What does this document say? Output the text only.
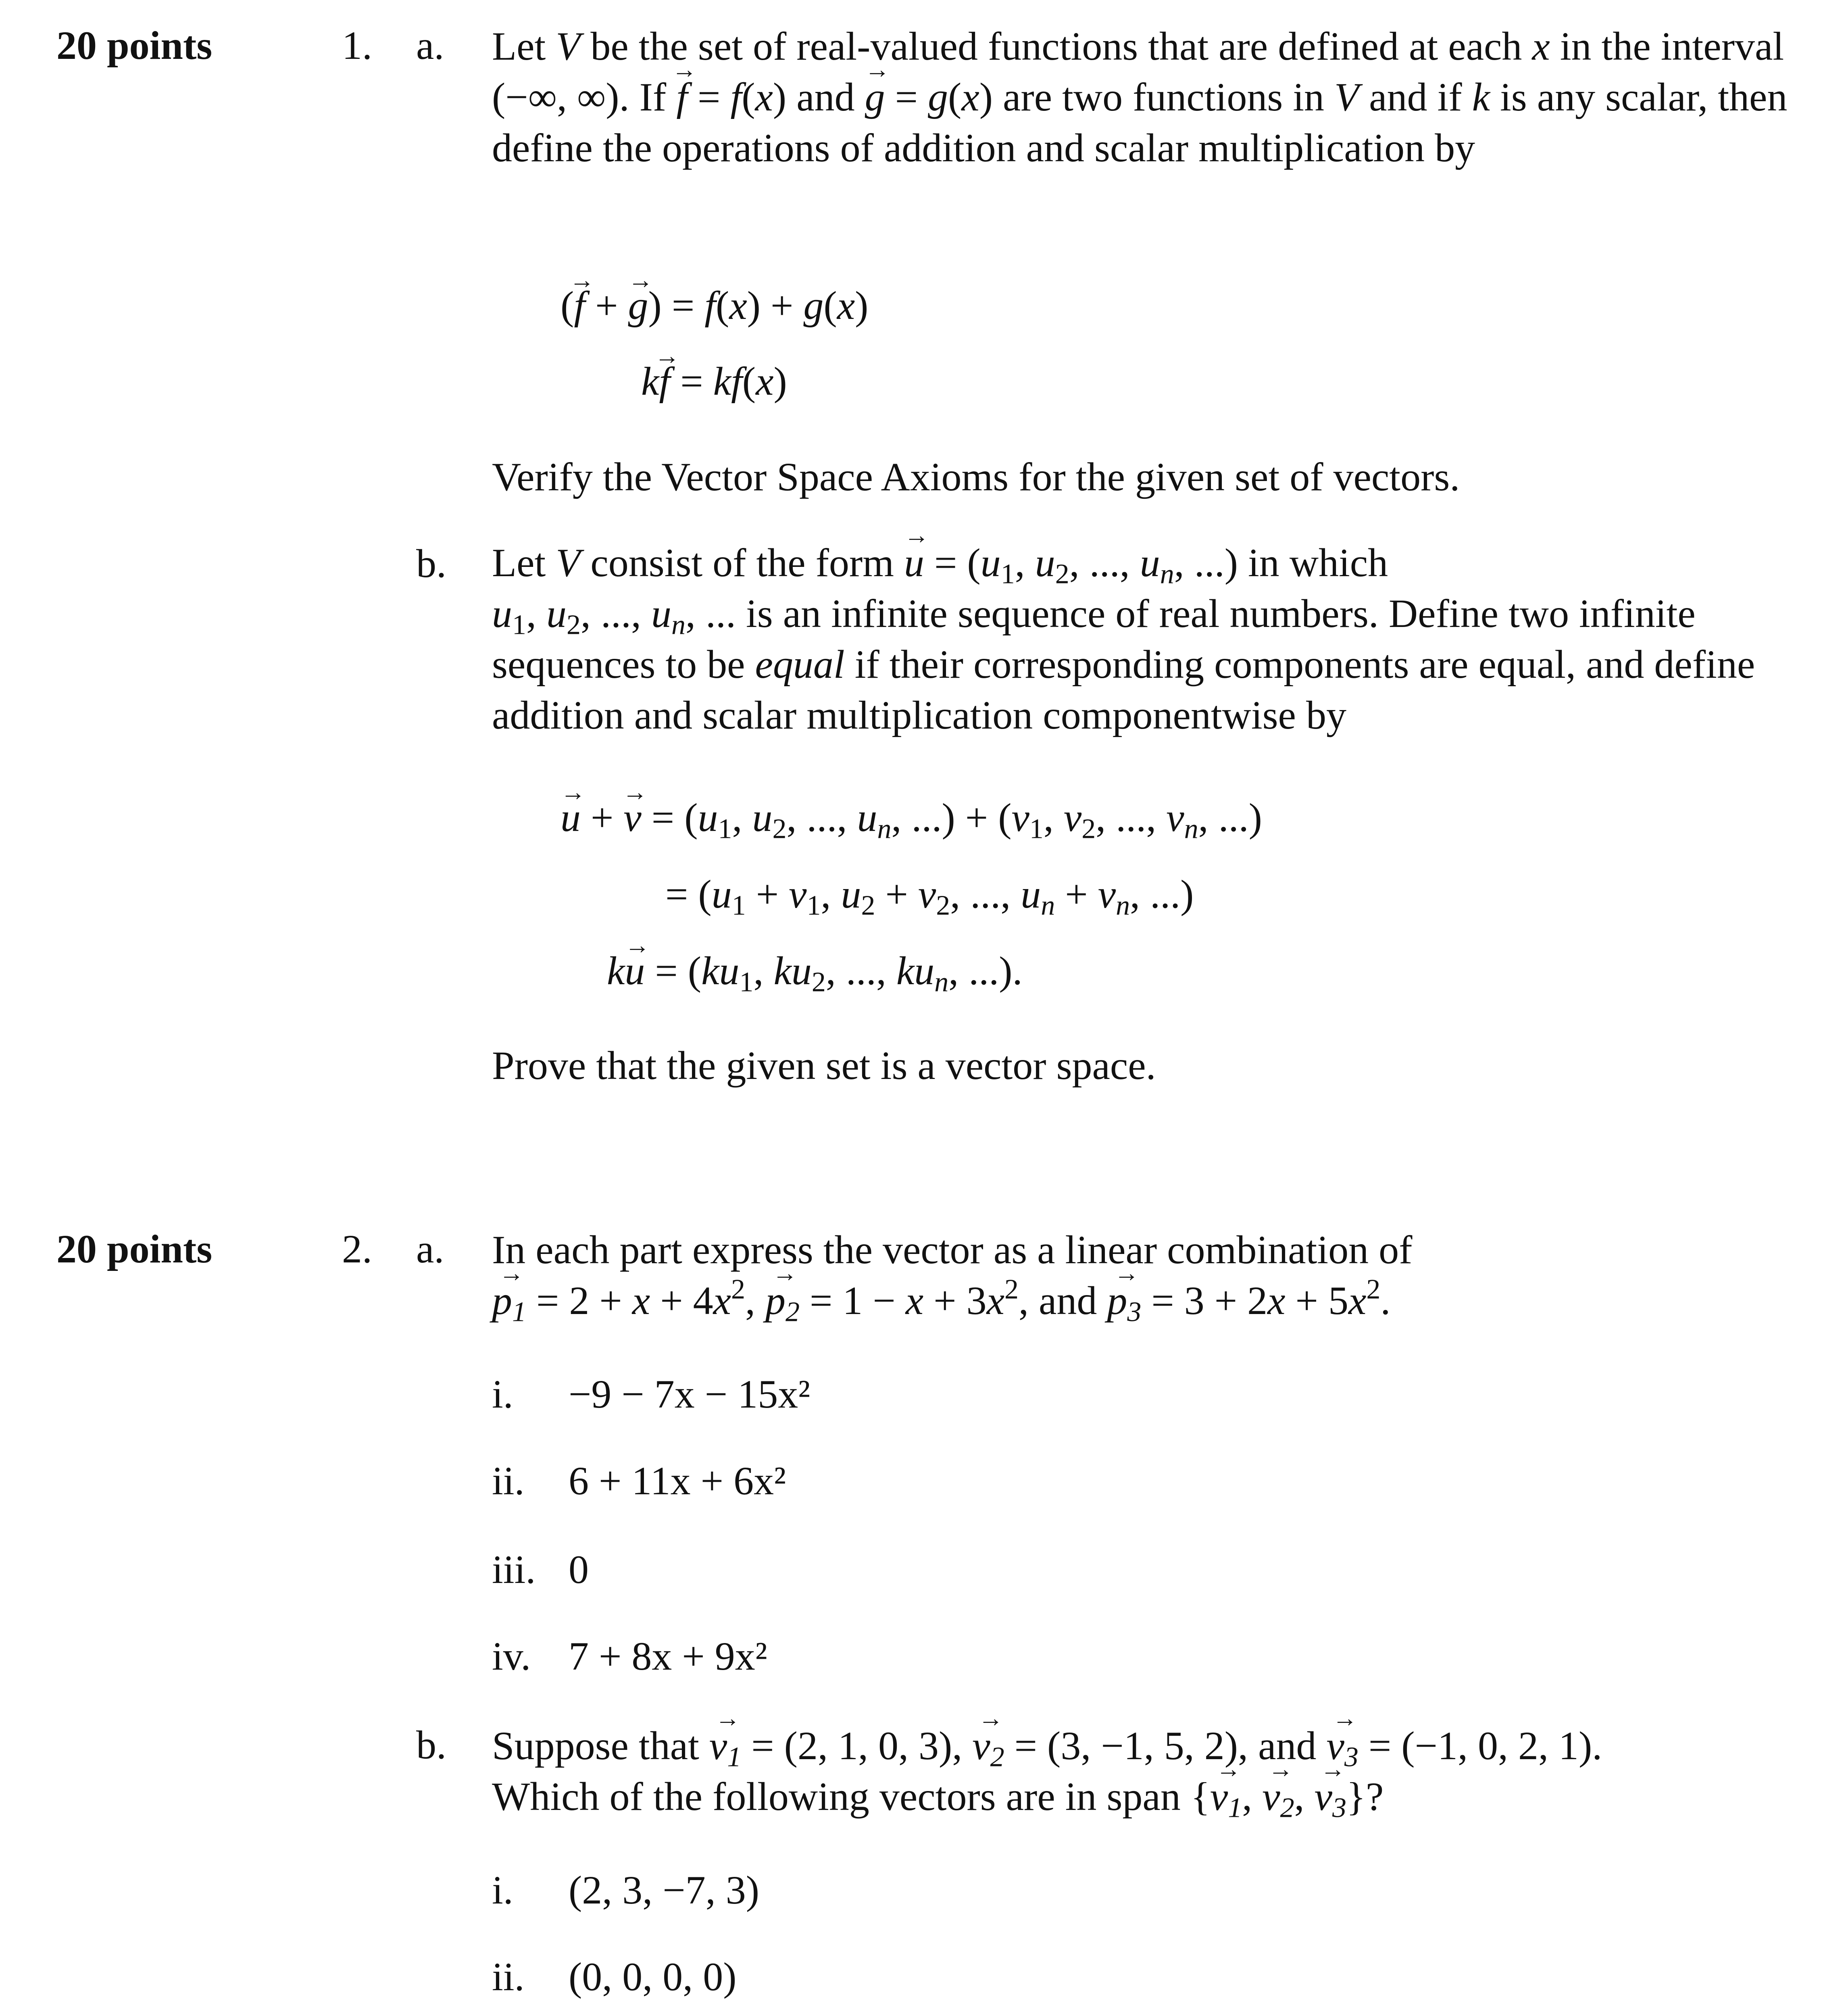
20 points	1. a. Let V be the set of real-valued functions that are defined at each x in the interval (−∞, ∞). If → f = f(x) and → g = g(x) are two functions in V and if k is any scalar, then define the operations of addition and scalar multiplication by
(→ f + → g) = f(x) + g(x)
k→ f = kf(x)
Verify the Vector Space Axioms for the given set of vectors.
b. Let V consist of the form → $u = (u_1$, $u_2$, ..., $u_n$, ...) in which
$u_1$, $u_2$, ..., $u_n$, ... is an infinite sequence of real numbers. Define two infinite sequences to be equal if their corresponding components are equal, and define addition and scalar multiplication componentwise by
→ u + → $v = (u_1$, $u_2$, ..., $u_n$, ...) + ($v_1$, $v_2$, ..., $v_n$, ...)
= ($u_1 + v_1$, $u_2 + v_2$, ..., $u_n + v_n$, ...)
$k\to u = (ku_1$, $ku_2$, ..., $ku_n$, ...).
Prove that the given set is a vector space.
20 points	2. a. In each part express the vector as a linear combination of
→ $p_1 = 2 + x + 4x^2$, → $p_2 = 1 - x + 3x^2$, and → $p_3 = 3 + 2x + 5x^2$.
i. −9 − 7x − 15x²
ii. 6 + 11x + 6x²
iii. 0
iv. 7 + 8x + 9x²
b. Suppose that → $v_1 = (2$, 1, 0, 3), → $v_2 = (3$, −1, 5, 2), and → $v_3 = (-1$, 0, 2, 1).
Which of the following vectors are in span {→ $v_1$, → $v_2$, → $v_3$}?
i. (2, 3, −7, 3)
ii. (0, 0, 0, 0)
